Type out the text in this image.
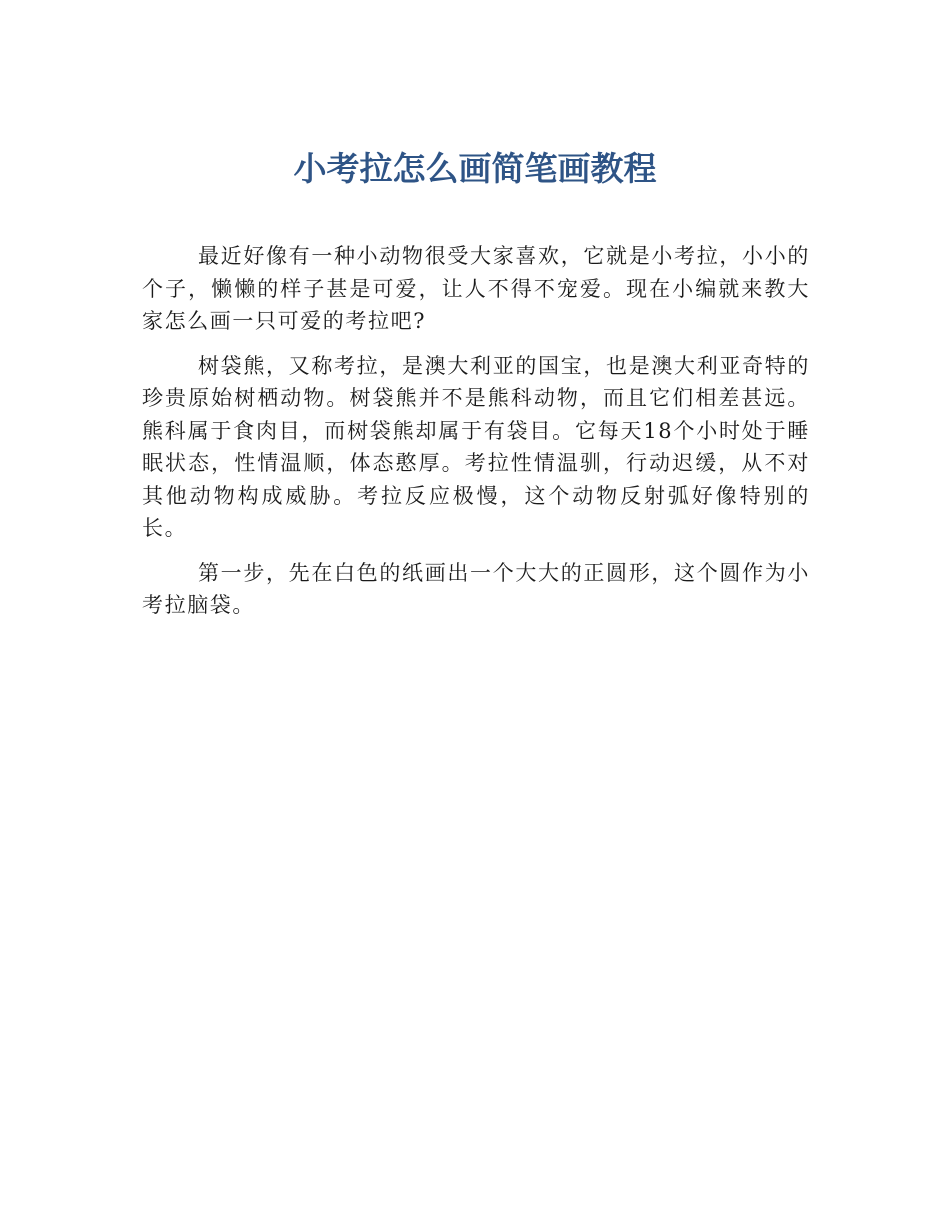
小考拉怎么画简笔画教程

最近好像有一种小动物很受大家喜欢，它就是小考拉，小小的个子，懒懒的样子甚是可爱，让人不得不宠爱。现在小编就来教大家怎么画一只可爱的考拉吧?

树袋熊，又称考拉，是澳大利亚的国宝，也是澳大利亚奇特的珍贵原始树栖动物。树袋熊并不是熊科动物，而且它们相差甚远。熊科属于食肉目，而树袋熊却属于有袋目。它每天18个小时处于睡眠状态，性情温顺，体态憨厚。考拉性情温驯，行动迟缓，从不对其他动物构成威胁。考拉反应极慢，这个动物反射弧好像特别的长。

第一步，先在白色的纸画出一个大大的正圆形，这个圆作为小考拉脑袋。
